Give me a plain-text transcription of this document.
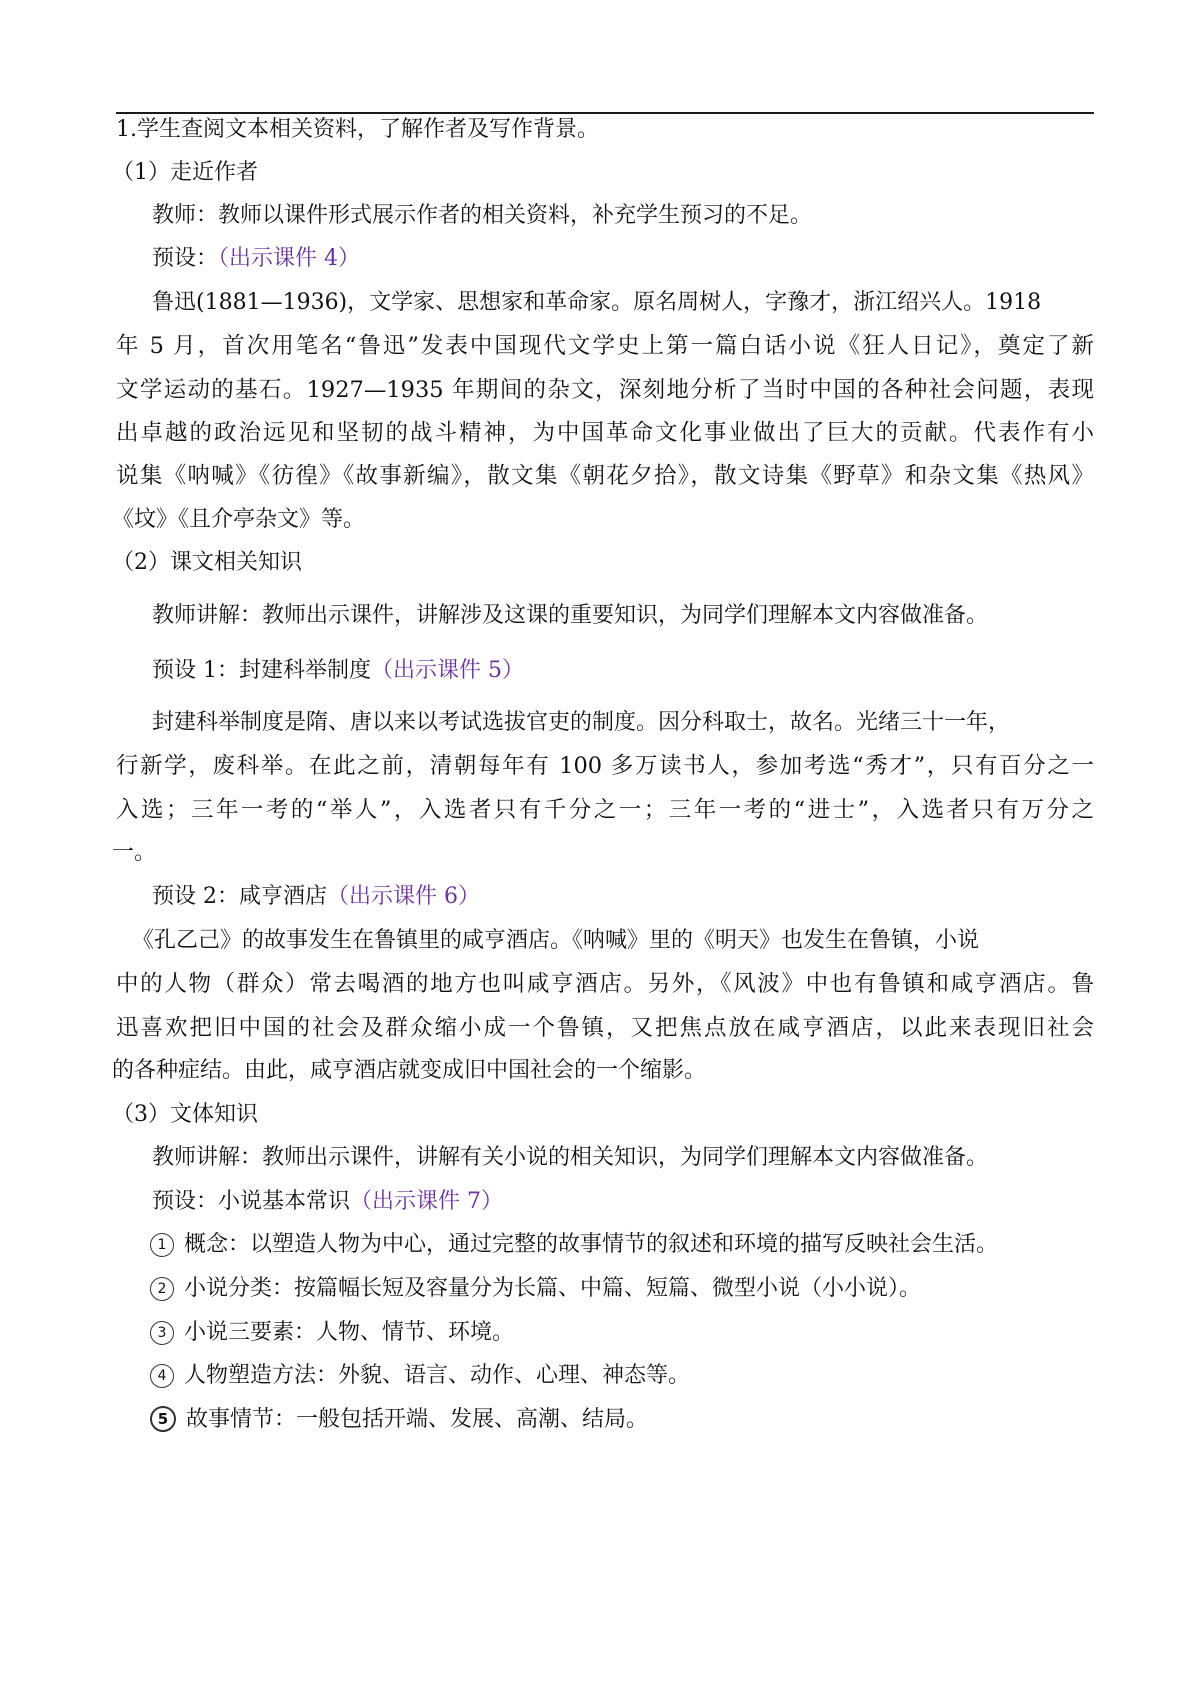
1.学生查阅文本相关资料，了解作者及写作背景。
（1）走近作者
教师：教师以课件形式展示作者的相关资料，补充学生预习的不足。
预设：（出示课件 4）
鲁迅(1881—1936)，文学家、思想家和革命家。原名周树人，字豫才，浙江绍兴人。1918
年 5 月，首次用笔名“鲁迅”发表中国现代文学史上第一篇白话小说《狂人日记》，奠定了新
文学运动的基石。1927—1935 年期间的杂文，深刻地分析了当时中国的各种社会问题，表现
出卓越的政治远见和坚韧的战斗精神，为中国革命文化事业做出了巨大的贡献。代表作有小
说集《呐喊》《彷徨》《故事新编》，散文集《朝花夕拾》，散文诗集《野草》和杂文集《热风》
《坟》《且介亭杂文》等。
（2）课文相关知识
教师讲解：教师出示课件，讲解涉及这课的重要知识，为同学们理解本文内容做准备。
预设 1：封建科举制度（出示课件 5）
封建科举制度是隋、唐以来以考试选拔官吏的制度。因分科取士，故名。光绪三十一年，
行新学，废科举。在此之前，清朝每年有 100 多万读书人，参加考选“秀才”，只有百分之一
入选；三年一考的“举人”，入选者只有千分之一；三年一考的“进士”，入选者只有万分之
一。
预设 2：咸亨酒店（出示课件 6）
《孔乙己》的故事发生在鲁镇里的咸亨酒店。《呐喊》里的《明天》也发生在鲁镇，小说
中的人物（群众）常去喝酒的地方也叫咸亨酒店。另外，《风波》中也有鲁镇和咸亨酒店。鲁
迅喜欢把旧中国的社会及群众缩小成一个鲁镇，又把焦点放在咸亨酒店，以此来表现旧社会
的各种症结。由此，咸亨酒店就变成旧中国社会的一个缩影。
（3）文体知识
教师讲解：教师出示课件，讲解有关小说的相关知识，为同学们理解本文内容做准备。
预设：小说基本常识（出示课件 7）
1 概念：以塑造人物为中心，通过完整的故事情节的叙述和环境的描写反映社会生活。
2 小说分类：按篇幅长短及容量分为长篇、中篇、短篇、微型小说（小小说）。
3 小说三要素：人物、情节、环境。
4 人物塑造方法：外貌、语言、动作、心理、神态等。
5 故事情节：一般包括开端、发展、高潮、结局。
